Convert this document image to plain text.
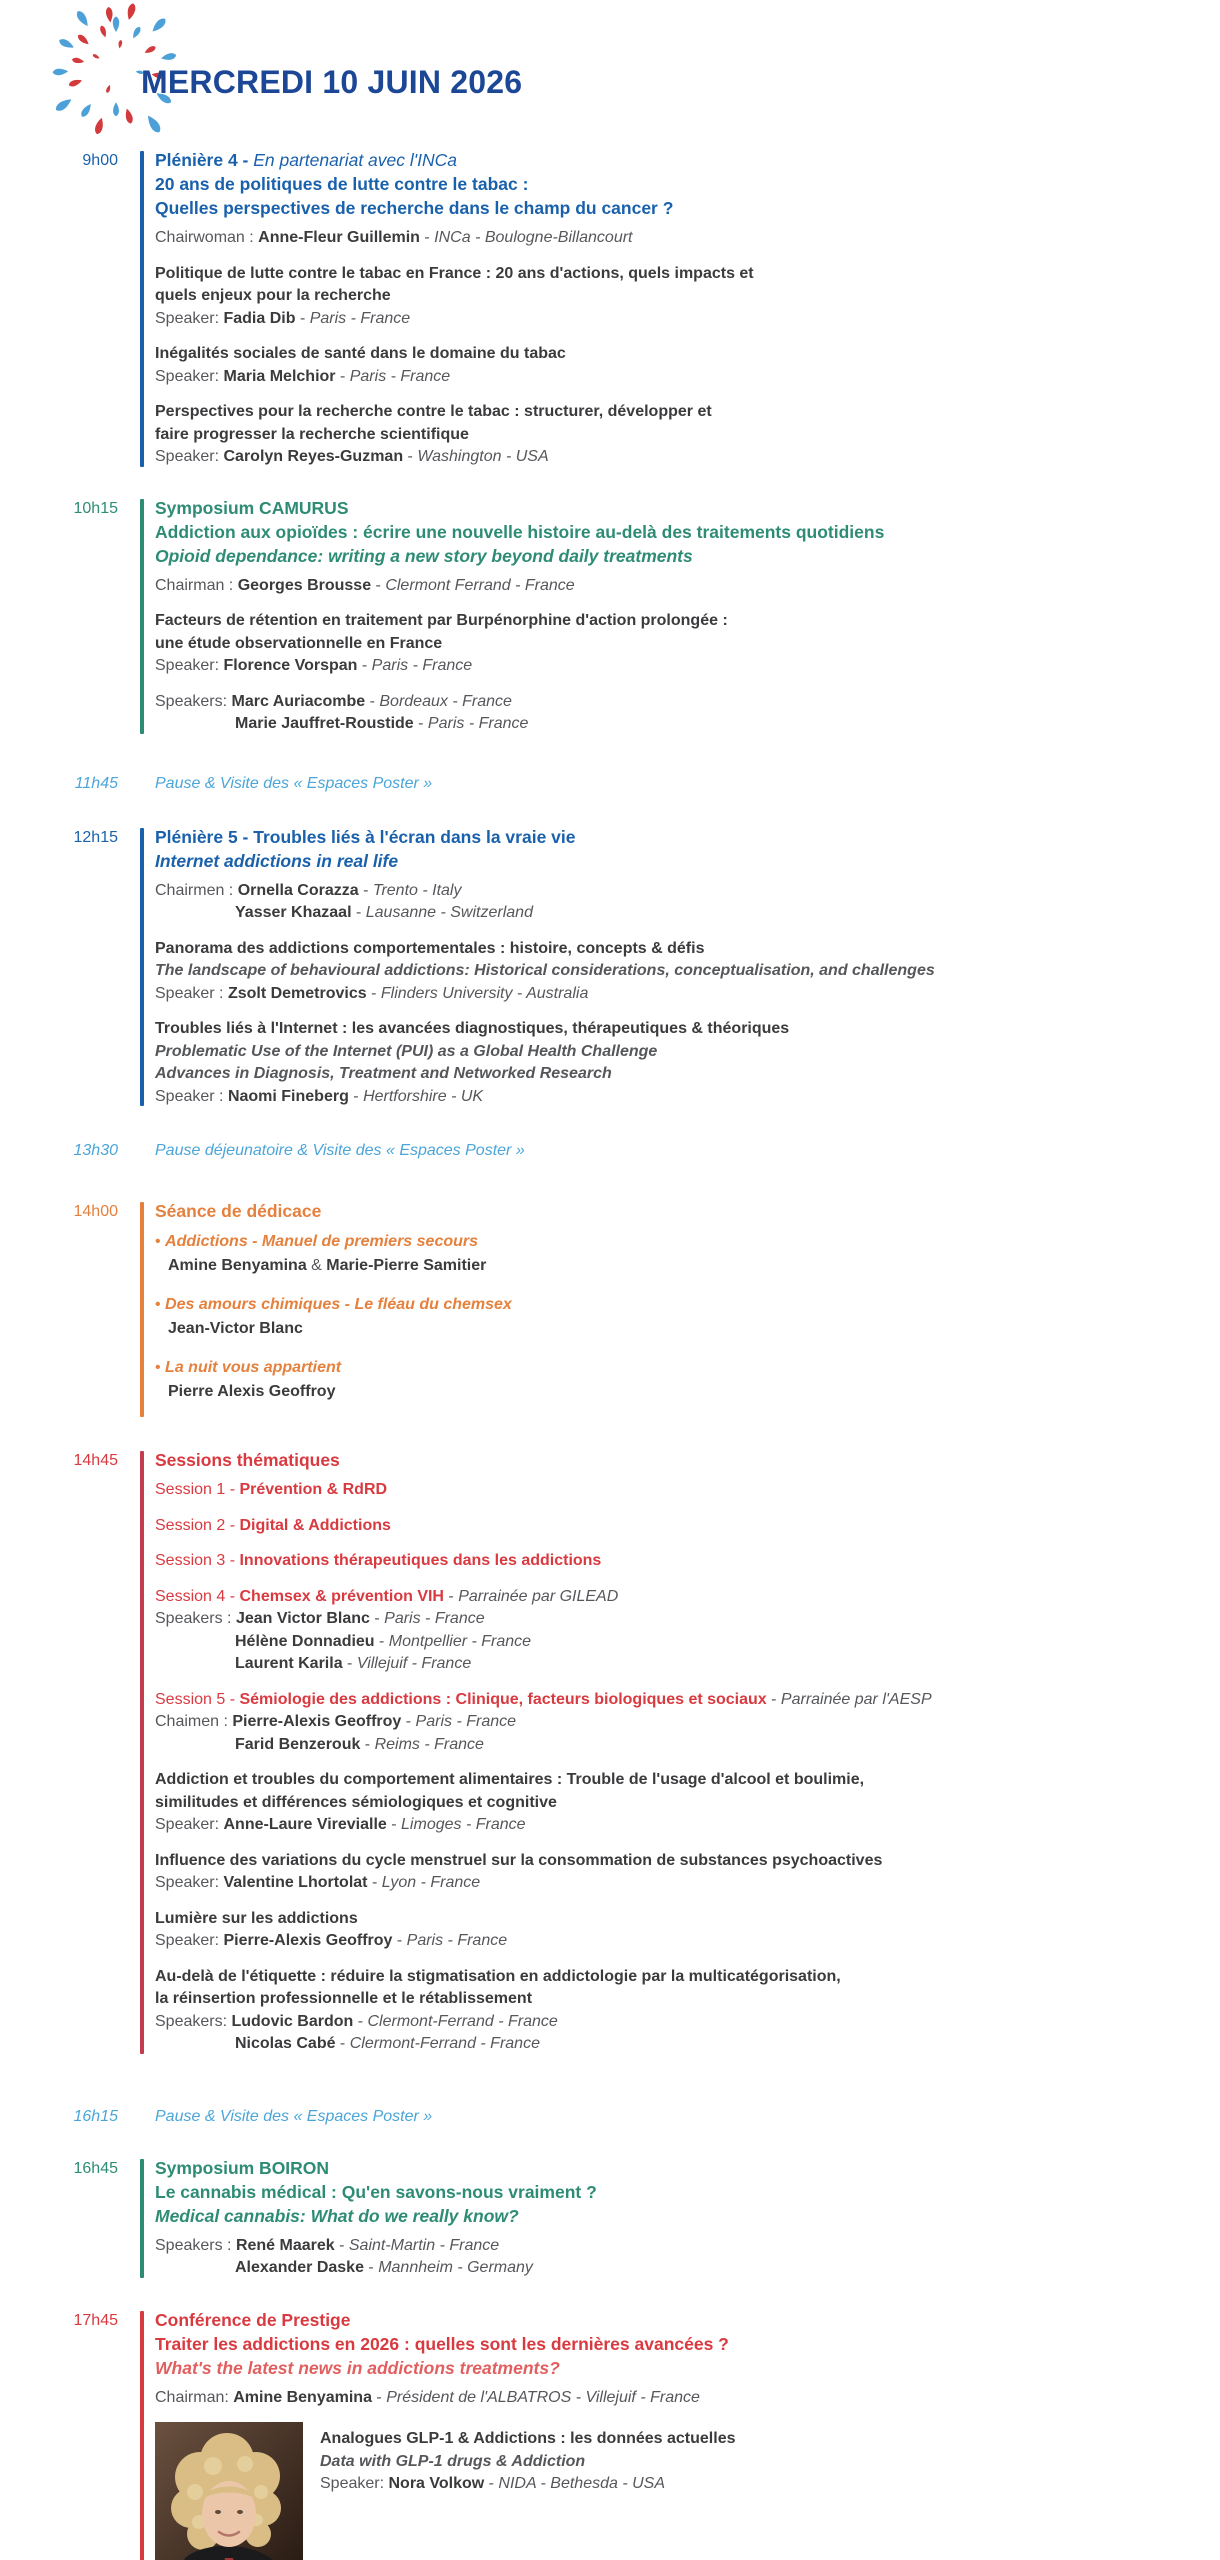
MERCREDI 10 JUIN 2026
9h00 Plénière 4 - En partenariat avec l'INCa
20 ans de politiques de lutte contre le tabac :
Quelles perspectives de recherche dans le champ du cancer ?
Chairwoman : Anne-Fleur Guillemin - INCa - Boulogne-Billancourt
Politique de lutte contre le tabac en France : 20 ans d'actions, quels impacts et
quels enjeux pour la recherche
Speaker: Fadia Dib - Paris - France
Inégalités sociales de santé dans le domaine du tabac
Speaker: Maria Melchior - Paris - France
Perspectives pour la recherche contre le tabac : structurer, développer et
faire progresser la recherche scientifique
Speaker: Carolyn Reyes-Guzman - Washington - USA
10h15 Symposium CAMURUS
Addiction aux opioïdes : écrire une nouvelle histoire au-delà des traitements quotidiens
Opioid dependance: writing a new story beyond daily treatments
Chairman : Georges Brousse - Clermont Ferrand - France
Facteurs de rétention en traitement par Burpénorphine d'action prolongée :
une étude observationnelle en France
Speaker: Florence Vorspan - Paris - France
Speakers: Marc Auriacombe - Bordeaux - France
Marie Jauffret-Roustide - Paris - France
11h45	Pause & Visite des « Espaces Poster »
12h15 Plénière 5 - Troubles liés à l'écran dans la vraie vie
Internet addictions in real life
Chairmen : Ornella Corazza - Trento - Italy
Yasser Khazaal - Lausanne - Switzerland
Panorama des addictions comportementales : histoire, concepts & défis
The landscape of behavioural addictions: Historical considerations, conceptualisation, and challenges
Speaker : Zsolt Demetrovics - Flinders University - Australia
Troubles liés à l'Internet : les avancées diagnostiques, thérapeutiques & théoriques
Problematic Use of the Internet (PUI) as a Global Health Challenge
Advances in Diagnosis, Treatment and Networked Research
Speaker : Naomi Fineberg - Hertforshire - UK
13h30	Pause déjeunatoire & Visite des « Espaces Poster »
14h00 Séance de dédicace
• Addictions - Manuel de premiers secours
Amine Benyamina & Marie-Pierre Samitier
• Des amours chimiques - Le fléau du chemsex
Jean-Victor Blanc
• La nuit vous appartient
Pierre Alexis Geoffroy
14h45 Sessions thématiques
Session 1 - Prévention & RdRD
Session 2 - Digital & Addictions
Session 3 - Innovations thérapeutiques dans les addictions
Session 4 - Chemsex & prévention VIH - Parrainée par GILEAD
Speakers : Jean Victor Blanc - Paris - France
Hélène Donnadieu - Montpellier - France
Laurent Karila - Villejuif - France
Session 5 - Sémiologie des addictions : Clinique, facteurs biologiques et sociaux - Parrainée par l'AESP
Chaimen : Pierre-Alexis Geoffroy - Paris - France
Farid Benzerouk - Reims - France
Addiction et troubles du comportement alimentaires : Trouble de l'usage d'alcool et boulimie,
similitudes et différences sémiologiques et cognitive
Speaker: Anne-Laure Virevialle - Limoges - France
Influence des variations du cycle menstruel sur la consommation de substances psychoactives
Speaker: Valentine Lhortolat - Lyon - France
Lumière sur les addictions
Speaker: Pierre-Alexis Geoffroy - Paris - France
Au-delà de l'étiquette : réduire la stigmatisation en addictologie par la multicatégorisation,
la réinsertion professionnelle et le rétablissement
Speakers: Ludovic Bardon - Clermont-Ferrand - France
Nicolas Cabé - Clermont-Ferrand - France
16h15	Pause & Visite des « Espaces Poster »
16h45 Symposium BOIRON
Le cannabis médical : Qu'en savons-nous vraiment ?
Medical cannabis: What do we really know?
Speakers : René Maarek - Saint-Martin - France
Alexander Daske - Mannheim - Germany
17h45 Conférence de Prestige
Traiter les addictions en 2026 : quelles sont les dernières avancées ?
What's the latest news in addictions treatments?
Chairman: Amine Benyamina - Président de l'ALBATROS - Villejuif - France
Analogues GLP-1 & Addictions : les données actuelles
Data with GLP-1 drugs & Addiction
Speaker: Nora Volkow - NIDA - Bethesda - USA
